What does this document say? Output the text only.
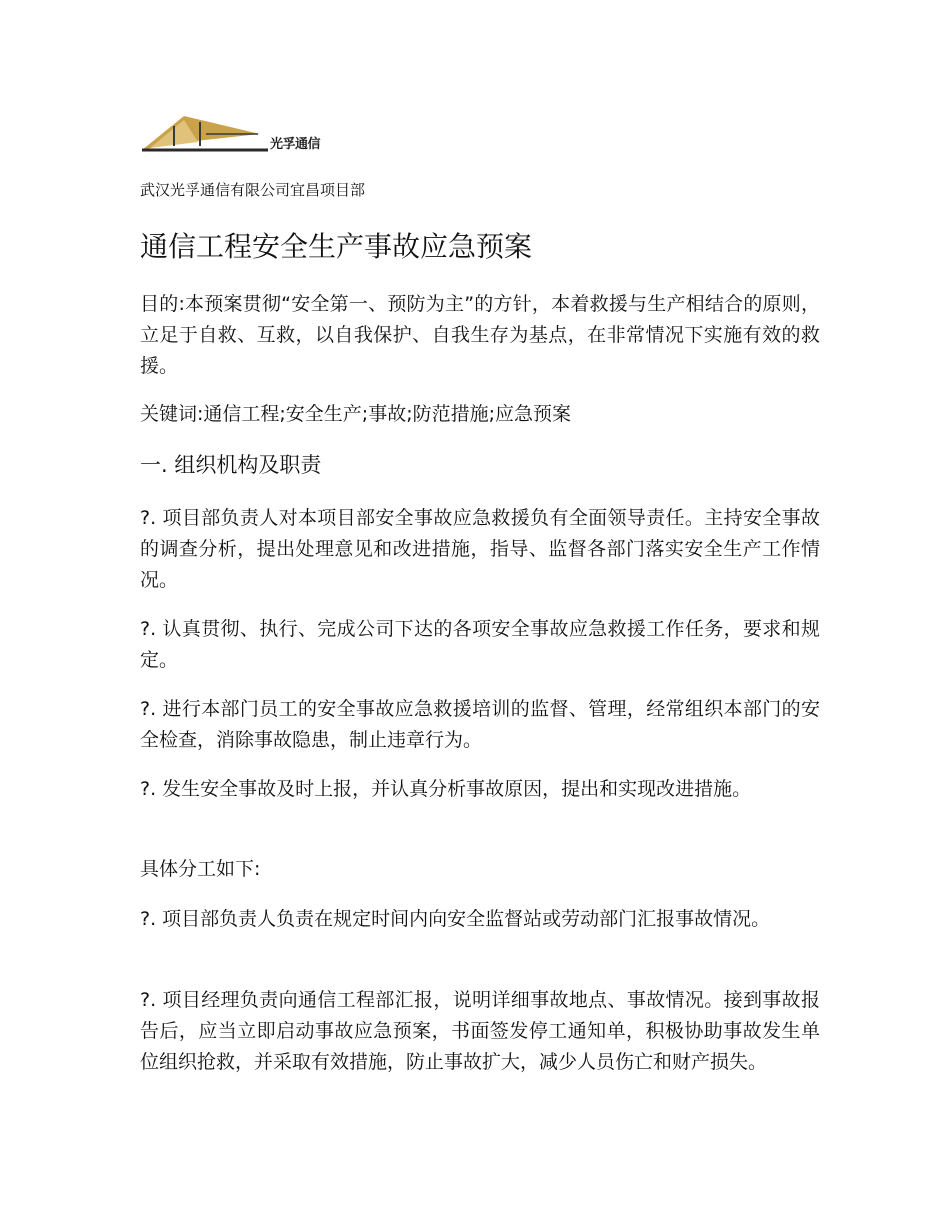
光孚通信
武汉光孚通信有限公司宜昌项目部
通信工程安全生产事故应急预案

目的:本预案贯彻“安全第一、预防为主”的方针，本着救援与生产相结合的原则，立足于自救、互救，以自我保护、自我生存为基点，在非常情况下实施有效的救援。

关键词:通信工程;安全生产;事故;防范措施;应急预案

一. 组织机构及职责

?. 项目部负责人对本项目部安全事故应急救援负有全面领导责任。主持安全事故的调查分析，提出处理意见和改进措施，指导、监督各部门落实安全生产工作情况。

?. 认真贯彻、执行、完成公司下达的各项安全事故应急救援工作任务，要求和规定。

?. 进行本部门员工的安全事故应急救援培训的监督、管理，经常组织本部门的安全检查，消除事故隐患，制止违章行为。

?. 发生安全事故及时上报，并认真分析事故原因，提出和实现改进措施。

具体分工如下:

?. 项目部负责人负责在规定时间内向安全监督站或劳动部门汇报事故情况。

?. 项目经理负责向通信工程部汇报，说明详细事故地点、事故情况。接到事故报告后，应当立即启动事故应急预案，书面签发停工通知单，积极协助事故发生单位组织抢救，并采取有效措施，防止事故扩大，减少人员伤亡和财产损失。
